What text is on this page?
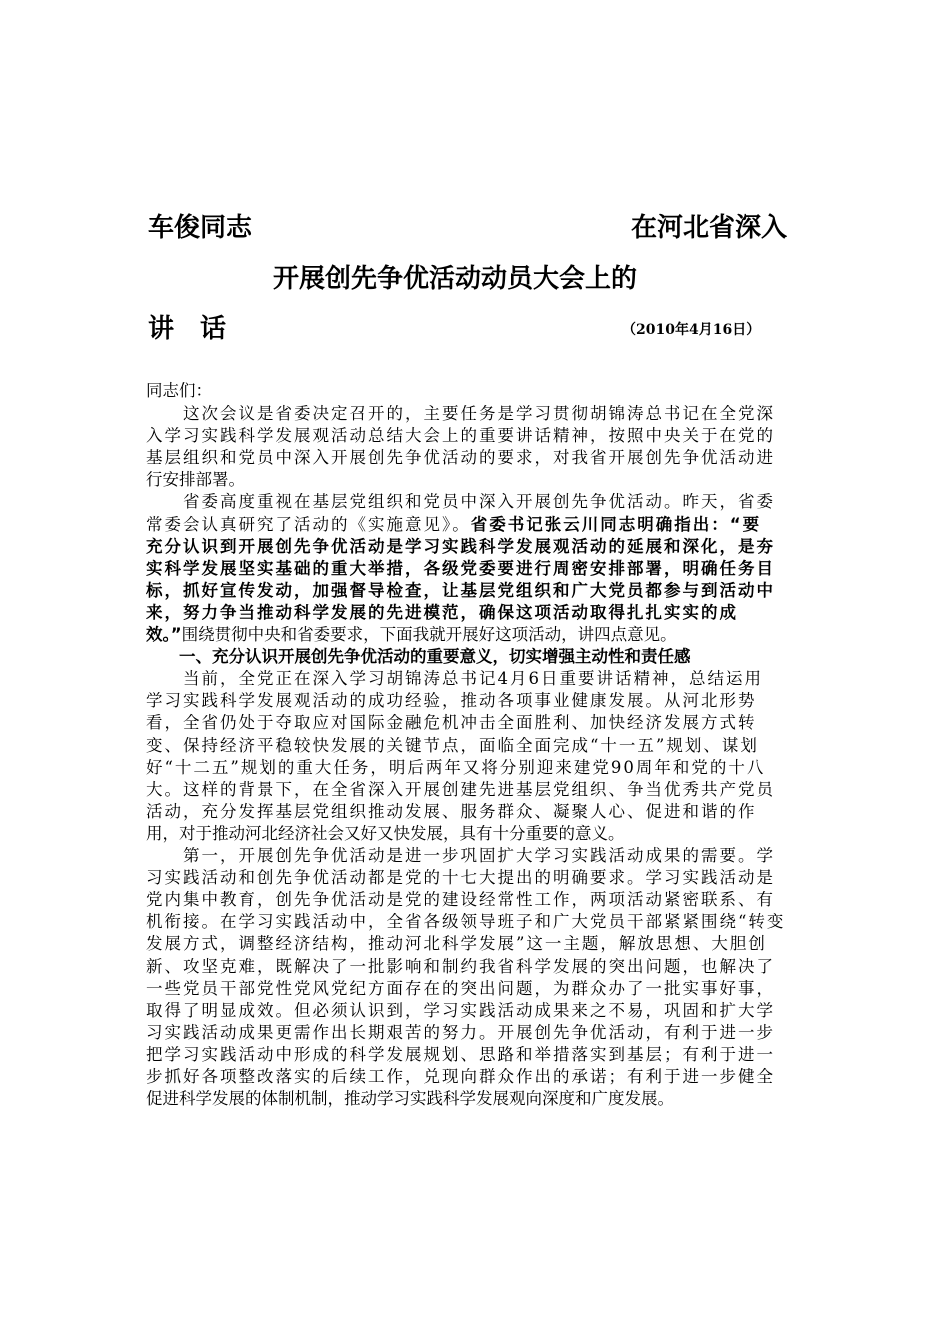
车俊同志	在河北省深入
开展创先争优活动动员大会上的
讲　话	（2010年4月16日）
同志们：
　　这次会议是省委决定召开的，主要任务是学习贯彻胡锦涛总书记在全党深
入学习实践科学发展观活动总结大会上的重要讲话精神，按照中央关于在党的
基层组织和党员中深入开展创先争优活动的要求，对我省开展创先争优活动进
行安排部署。
　　省委高度重视在基层党组织和党员中深入开展创先争优活动。昨天，省委
常委会认真研究了活动的《实施意见》。省委书记张云川同志明确指出：“要
充分认识到开展创先争优活动是学习实践科学发展观活动的延展和深化，是夯
实科学发展坚实基础的重大举措，各级党委要进行周密安排部署，明确任务目
标，抓好宣传发动，加强督导检查，让基层党组织和广大党员都参与到活动中
来，努力争当推动科学发展的先进模范，确保这项活动取得扎扎实实的成
效。”围绕贯彻中央和省委要求，下面我就开展好这项活动，讲四点意见。
　　一、充分认识开展创先争优活动的重要意义，切实增强主动性和责任感
　　当前，全党正在深入学习胡锦涛总书记4月6日重要讲话精神，总结运用
学习实践科学发展观活动的成功经验，推动各项事业健康发展。从河北形势
看，全省仍处于夺取应对国际金融危机冲击全面胜利、加快经济发展方式转
变、保持经济平稳较快发展的关键节点，面临全面完成“十一五”规划、谋划
好“十二五”规划的重大任务，明后两年又将分别迎来建党90周年和党的十八
大。这样的背景下，在全省深入开展创建先进基层党组织、争当优秀共产党员
活动，充分发挥基层党组织推动发展、服务群众、凝聚人心、促进和谐的作
用，对于推动河北经济社会又好又快发展，具有十分重要的意义。
　　第一，开展创先争优活动是进一步巩固扩大学习实践活动成果的需要。学
习实践活动和创先争优活动都是党的十七大提出的明确要求。学习实践活动是
党内集中教育，创先争优活动是党的建设经常性工作，两项活动紧密联系、有
机衔接。在学习实践活动中，全省各级领导班子和广大党员干部紧紧围绕“转变
发展方式，调整经济结构，推动河北科学发展”这一主题，解放思想、大胆创
新、攻坚克难，既解决了一批影响和制约我省科学发展的突出问题，也解决了
一些党员干部党性党风党纪方面存在的突出问题，为群众办了一批实事好事，
取得了明显成效。但必须认识到，学习实践活动成果来之不易，巩固和扩大学
习实践活动成果更需作出长期艰苦的努力。开展创先争优活动，有利于进一步
把学习实践活动中形成的科学发展规划、思路和举措落实到基层；有利于进一
步抓好各项整改落实的后续工作，兑现向群众作出的承诺；有利于进一步健全
促进科学发展的体制机制，推动学习实践科学发展观向深度和广度发展。
